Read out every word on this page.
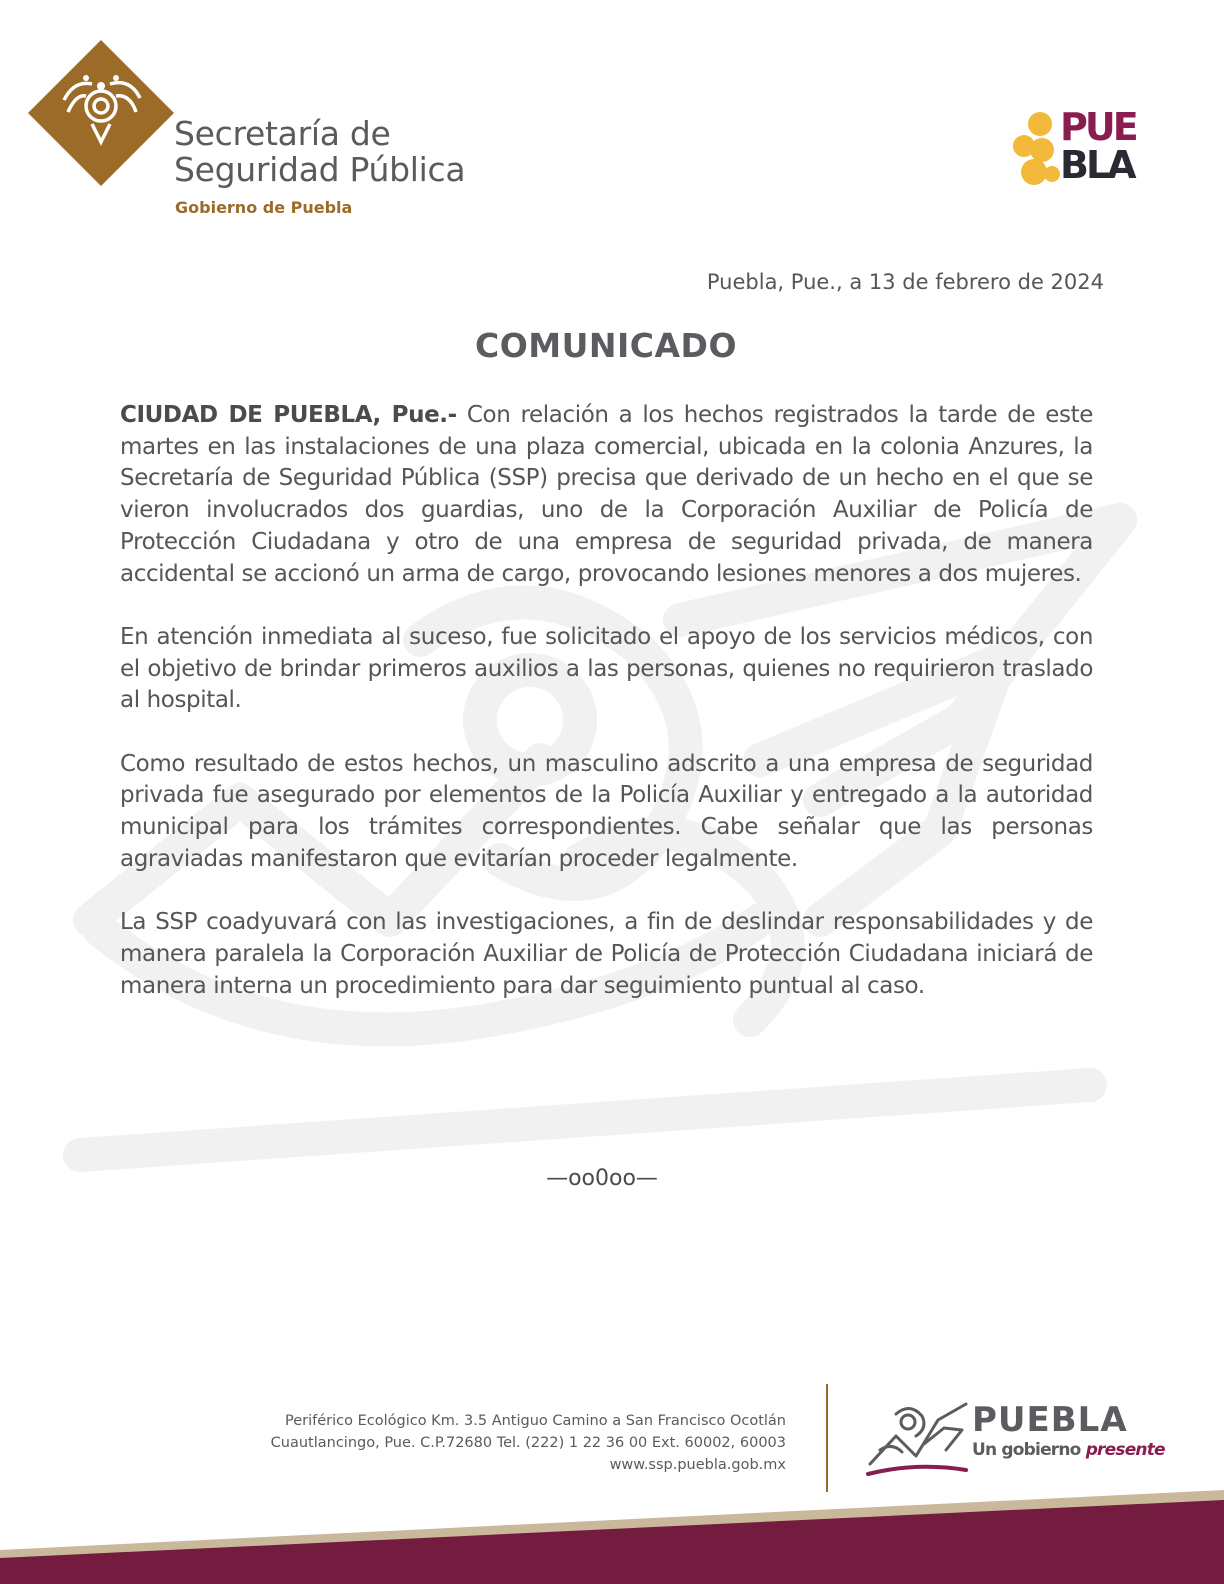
Secretaría de
Seguridad Pública
Gobierno de Puebla
PUE
BLA
Puebla, Pue., a 13 de febrero de 2024
COMUNICADO

CIUDAD DE PUEBLA, Pue.- Con relación a los hechos registrados la tarde de este martes en las instalaciones de una plaza comercial, ubicada en la colonia Anzures, la Secretaría de Seguridad Pública (SSP) precisa que derivado de un hecho en el que se vieron involucrados dos guardias, uno de la Corporación Auxiliar de Policía de Protección Ciudadana y otro de una empresa de seguridad privada, de manera accidental se accionó un arma de cargo, provocando lesiones menores a dos mujeres.

En atención inmediata al suceso, fue solicitado el apoyo de los servicios médicos, con el objetivo de brindar primeros auxilios a las personas, quienes no requirieron traslado al hospital.

Como resultado de estos hechos, un masculino adscrito a una empresa de seguridad privada fue asegurado por elementos de la Policía Auxiliar y entregado a la autoridad municipal para los trámites correspondientes. Cabe señalar que las personas agraviadas manifestaron que evitarían proceder legalmente.

La SSP coadyuvará con las investigaciones, a fin de deslindar responsabilidades y de manera paralela la Corporación Auxiliar de Policía de Protección Ciudadana iniciará de manera interna un procedimiento para dar seguimiento puntual al caso.

—oo0oo—
Periférico Ecológico Km. 3.5 Antiguo Camino a San Francisco Ocotlán
Cuautlancingo, Pue. C.P.72680 Tel. (222) 1 22 36 00 Ext. 60002, 60003
www.ssp.puebla.gob.mx
PUEBLA
Un gobierno presente
